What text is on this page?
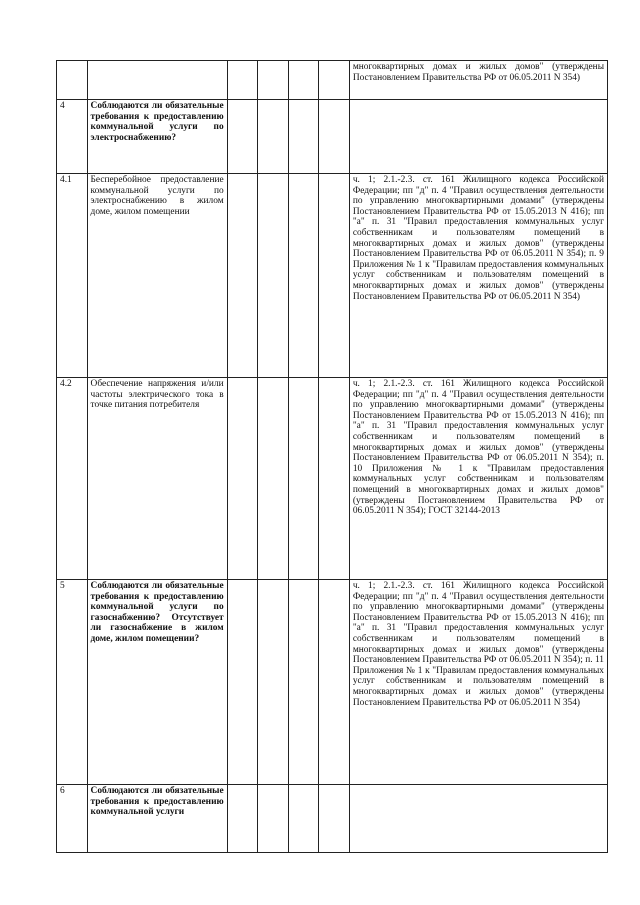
						многоквартирных домах и жилых домов" (утверждены Постановлением Правительства РФ от 06.05.2011 N 354)
4	Соблюдаются ли обязательные требования к предоставлению коммунальной услуги по электроснабжению?					
4.1	Бесперебойное предоставление коммунальной услуги по электроснабжению в жилом доме, жилом помещении					ч. 1; 2.1.-2.3. ст. 161 Жилищного кодекса Российской Федерации; пп "д" п. 4 "Правил осуществления деятельности по управлению многоквартирными домами" (утверждены Постановлением Правительства РФ от 15.05.2013 N 416); пп "а" п. 31 "Правил предоставления коммунальных услуг собственникам и пользователям помещений в многоквартирных домах и жилых домов" (утверждены Постановлением Правительства РФ от 06.05.2011 N 354); п. 9 Приложения № 1 к "Правилам предоставления коммунальных услуг собственникам и пользователям помещений в многоквартирных домах и жилых домов" (утверждены Постановлением Правительства РФ от 06.05.2011 N 354)
4.2	Обеспечение напряжения и/или частоты электрического тока в точке питания потребителя					ч. 1; 2.1.-2.3. ст. 161 Жилищного кодекса Российской Федерации; пп "д" п. 4 "Правил осуществления деятельности по управлению многоквартирными домами" (утверждены Постановлением Правительства РФ от 15.05.2013 N 416); пп "а" п. 31 "Правил предоставления коммунальных услуг собственникам и пользователям помещений в многоквартирных домах и жилых домов" (утверждены Постановлением Правительства РФ от 06.05.2011 N 354); п. 10 Приложения № 1 к "Правилам предоставления коммунальных услуг собственникам и пользователям помещений в многоквартирных домах и жилых домов" (утверждены Постановлением Правительства РФ от 06.05.2011 N 354); ГОСТ 32144-2013
5	Соблюдаются ли обязательные требования к предоставлению коммунальной услуги по газоснабжению? Отсутствует ли газоснабжение в жилом доме, жилом помещении?					ч. 1; 2.1.-2.3. ст. 161 Жилищного кодекса Российской Федерации; пп "д" п. 4 "Правил осуществления деятельности по управлению многоквартирными домами" (утверждены Постановлением Правительства РФ от 15.05.2013 N 416); пп "а" п. 31 "Правил предоставления коммунальных услуг собственникам и пользователям помещений в многоквартирных домах и жилых домов" (утверждены Постановлением Правительства РФ от 06.05.2011 N 354); п. 11 Приложения № 1 к "Правилам предоставления коммунальных услуг собственникам и пользователям помещений в многоквартирных домах и жилых домов" (утверждены Постановлением Правительства РФ от 06.05.2011 N 354)
6	Соблюдаются ли обязательные требования к предоставлению коммунальной услуги					
